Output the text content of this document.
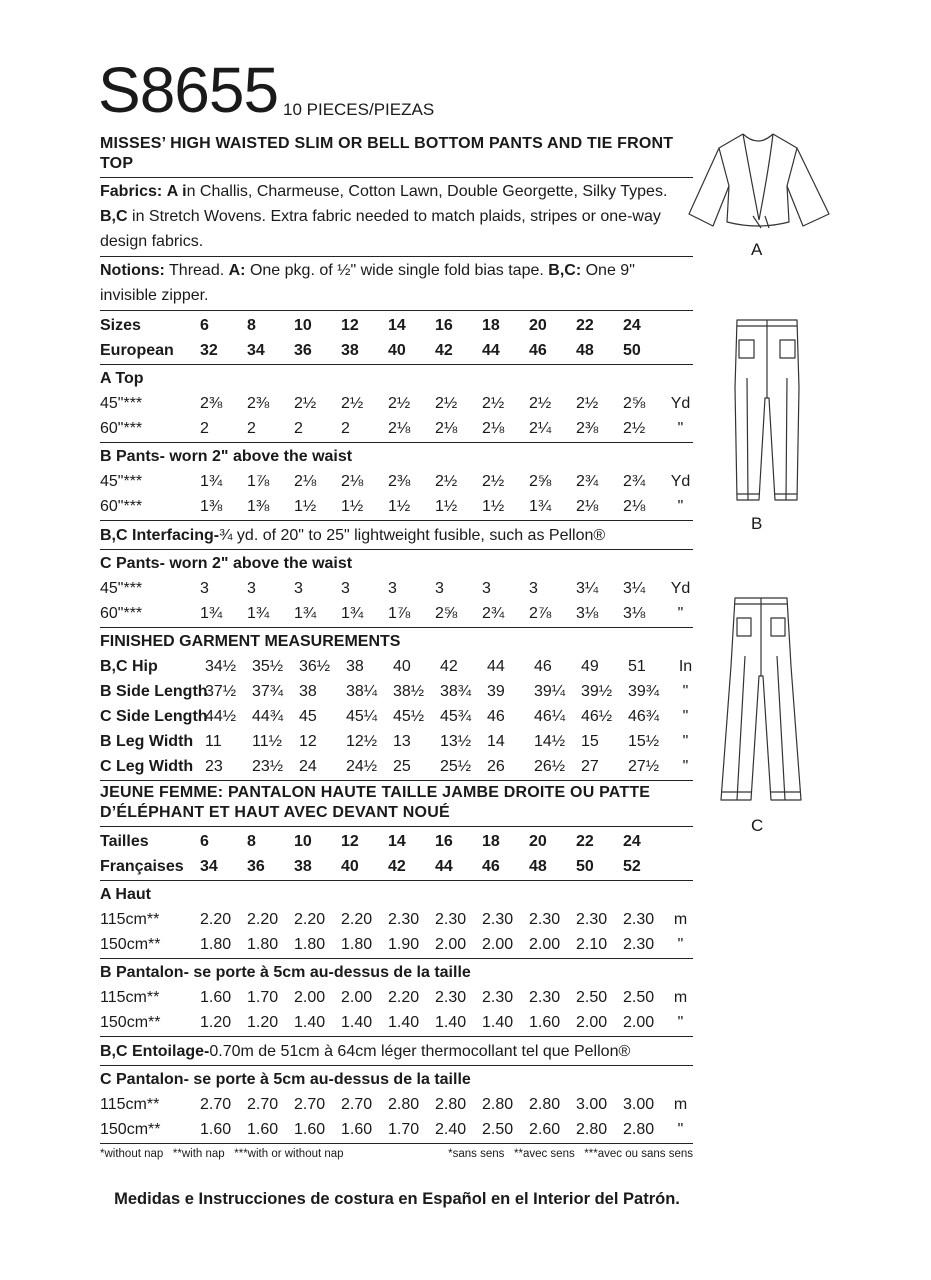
S8655 10 PIECES/PIEZAS
MISSES’ HIGH WAISTED SLIM OR BELL BOTTOM PANTS AND TIE FRONT TOP
Fabrics: A in Challis, Charmeuse, Cotton Lawn, Double Georgette, Silky Types.
B,C in Stretch Wovens. Extra fabric needed to match plaids, stripes or one-way design fabrics.
Notions: Thread. A: One pkg. of ½" wide single fold bias tape. B,C: One 9" invisible zipper.
Sizes	6	8	10	12	14	16	18	20	22	24
European	32	34	36	38	40	42	44	46	48	50
A Top
45"***	2⅜	2⅜	2½	2½	2½	2½	2½	2½	2½	2⅝	Yd
60"***	2	2	2	2	2⅛	2⅛	2⅛	2¼	2⅜	2½	"
B Pants- worn 2" above the waist
45"***	1¾	1⅞	2⅛	2⅛	2⅜	2½	2½	2⅝	2¾	2¾	Yd
60"***	1⅜	1⅜	1½	1½	1½	1½	1½	1¾	2⅛	2⅛	"
B,C Interfacing- ¾ yd. of 20" to 25" lightweight fusible, such as Pellon®
C Pants- worn 2" above the waist
45"***	3	3	3	3	3	3	3	3	3¼	3¼	Yd
60"***	1¾	1¾	1¾	1¾	1⅞	2⅝	2¾	2⅞	3⅛	3⅛	"
FINISHED GARMENT MEASUREMENTS
B,C Hip	34½ 35½ 36½ 38	40	42	44	46	49	51	In
B Side Length
37½ 37¾ 38	38¼ 38½ 38¾ 39	39¼ 39½ 39¾	"
C Side Length
44½ 44¾ 45	45¼ 45½ 45¾ 46	46¼ 46½ 46¾	"
B Leg Width 11	11½	12	12½ 13	13½ 14	14½ 15	15½	"
C Leg Width 23	23½ 24	24½ 25	25½ 26	26½ 27	27½	"
JEUNE FEMME: PANTALON HAUTE TAILLE JAMBE DROITE OU PATTE D’ÉLÉPHANT ET HAUT AVEC DEVANT NOUÉ
Tailles	6	8	10	12	14	16	18	20	22	24
Françaises	34	36	38	40	42	44	46	48	50	52
A Haut
115cm**	2.20 2.20 2.20 2.20 2.30 2.30 2.30 2.30 2.30 2.30	m
150cm**	1.80 1.80 1.80 1.80 1.90 2.00 2.00 2.00 2.10 2.30	"
B Pantalon- se porte à 5cm au-dessus de la taille
115cm**	1.60 1.70 2.00 2.00 2.20 2.30 2.30 2.30 2.50 2.50	m
150cm**	1.20 1.20 1.40 1.40 1.40 1.40 1.40 1.60 2.00 2.00	"
B,C Entoilage- 0.70m de 51cm à 64cm léger thermocollant tel que Pellon®
C Pantalon- se porte à 5cm au-dessus de la taille
115cm**	2.70 2.70 2.70 2.70 2.80 2.80 2.80 2.80 3.00 3.00	m
150cm**	1.60 1.60 1.60 1.60 1.70 2.40 2.50 2.60 2.80 2.80	"
*without nap   **with nap   ***with or without nap	*sans sens   **avec sens   ***avec ou sans sens
Medidas e Instrucciones de costura en Español en el Interior del Patrón.
A
B
C
